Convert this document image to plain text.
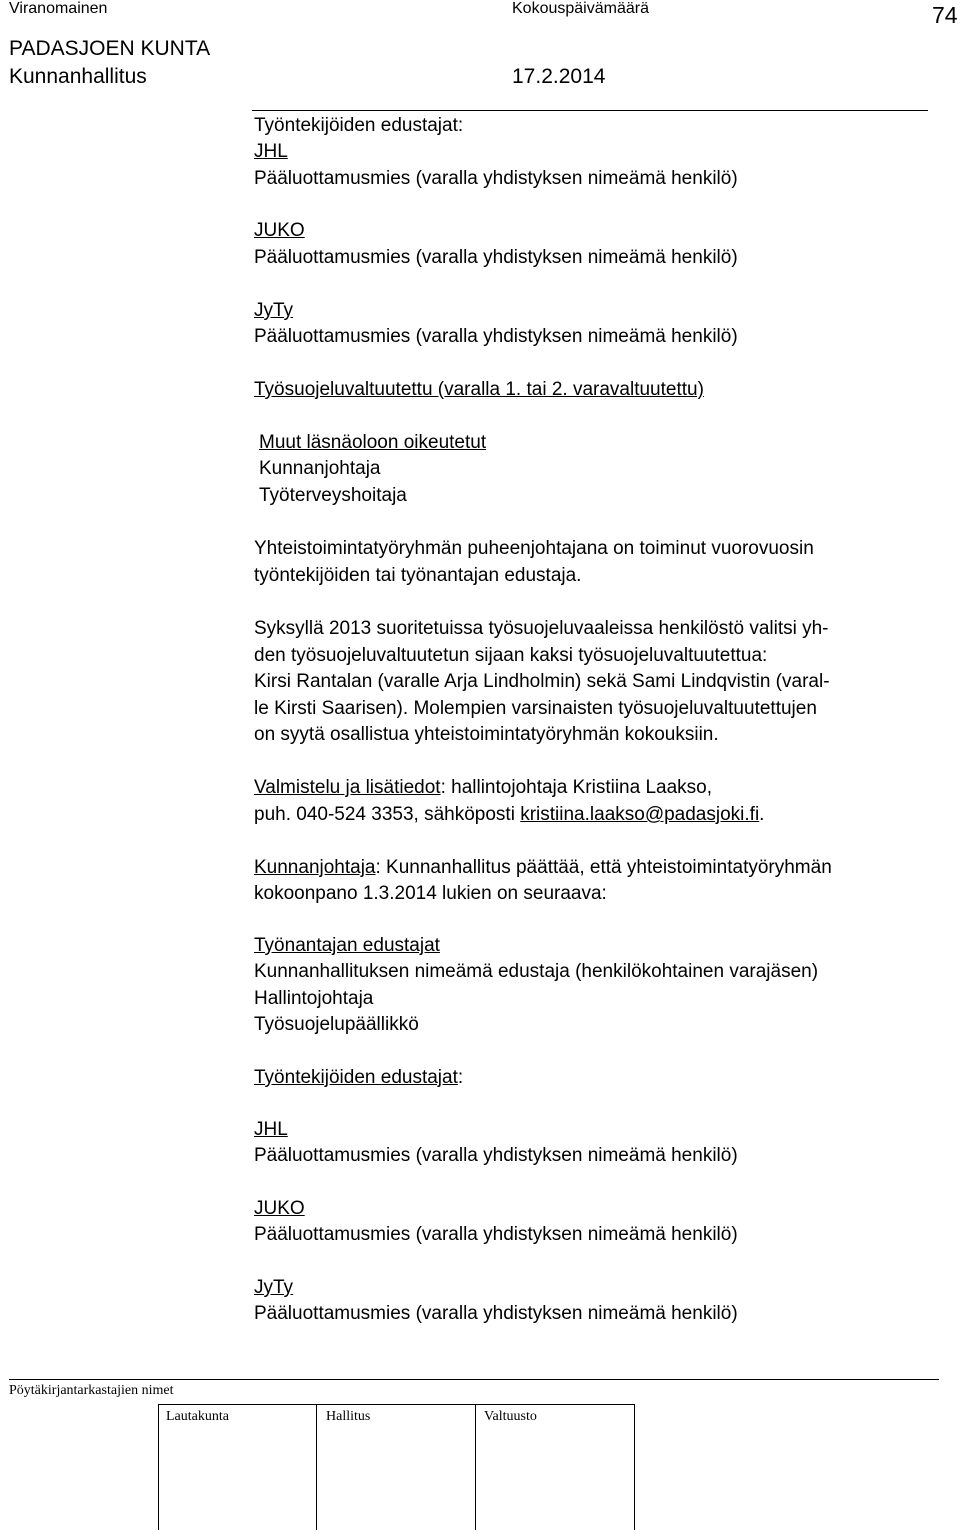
Viranomainen	Kokouspäivämäärä	74
PADASJOEN KUNTA
Kunnanhallitus	17.2.2014
Työntekijöiden edustajat:
JHL
Pääluottamusmies (varalla yhdistyksen nimeämä henkilö)
JUKO
Pääluottamusmies (varalla yhdistyksen nimeämä henkilö)
JyTy
Pääluottamusmies (varalla yhdistyksen nimeämä henkilö)
Työsuojeluvaltuutettu (varalla 1. tai 2. varavaltuutettu)
Muut läsnäoloon oikeutetut
Kunnanjohtaja
Työterveyshoitaja
Yhteistoimintatyöryhmän puheenjohtajana on toiminut vuorovuosin
työntekijöiden tai työnantajan edustaja.
Syksyllä 2013 suoritetuissa työsuojeluvaaleissa henkilöstö valitsi yh-
den työsuojeluvaltuutetun sijaan kaksi työsuojeluvaltuutettua:
Kirsi Rantalan (varalle Arja Lindholmin) sekä Sami Lindqvistin (varal-
le Kirsti Saarisen). Molempien varsinaisten työsuojeluvaltuutettujen
on syytä osallistua yhteistoimintatyöryhmän kokouksiin.
Valmistelu ja lisätiedot: hallintojohtaja Kristiina Laakso,
puh. 040-524 3353, sähköposti kristiina.laakso@padasjoki.fi.
Kunnanjohtaja: Kunnanhallitus päättää, että yhteistoimintatyöryhmän
kokoonpano 1.3.2014 lukien on seuraava:
Työnantajan edustajat
Kunnanhallituksen nimeämä edustaja (henkilökohtainen varajäsen)
Hallintojohtaja
Työsuojelupäällikkö
Työntekijöiden edustajat:
JHL
Pääluottamusmies (varalla yhdistyksen nimeämä henkilö)
JUKO
Pääluottamusmies (varalla yhdistyksen nimeämä henkilö)
JyTy
Pääluottamusmies (varalla yhdistyksen nimeämä henkilö)
Pöytäkirjantarkastajien nimet
Lautakunta	Hallitus	Valtuusto
